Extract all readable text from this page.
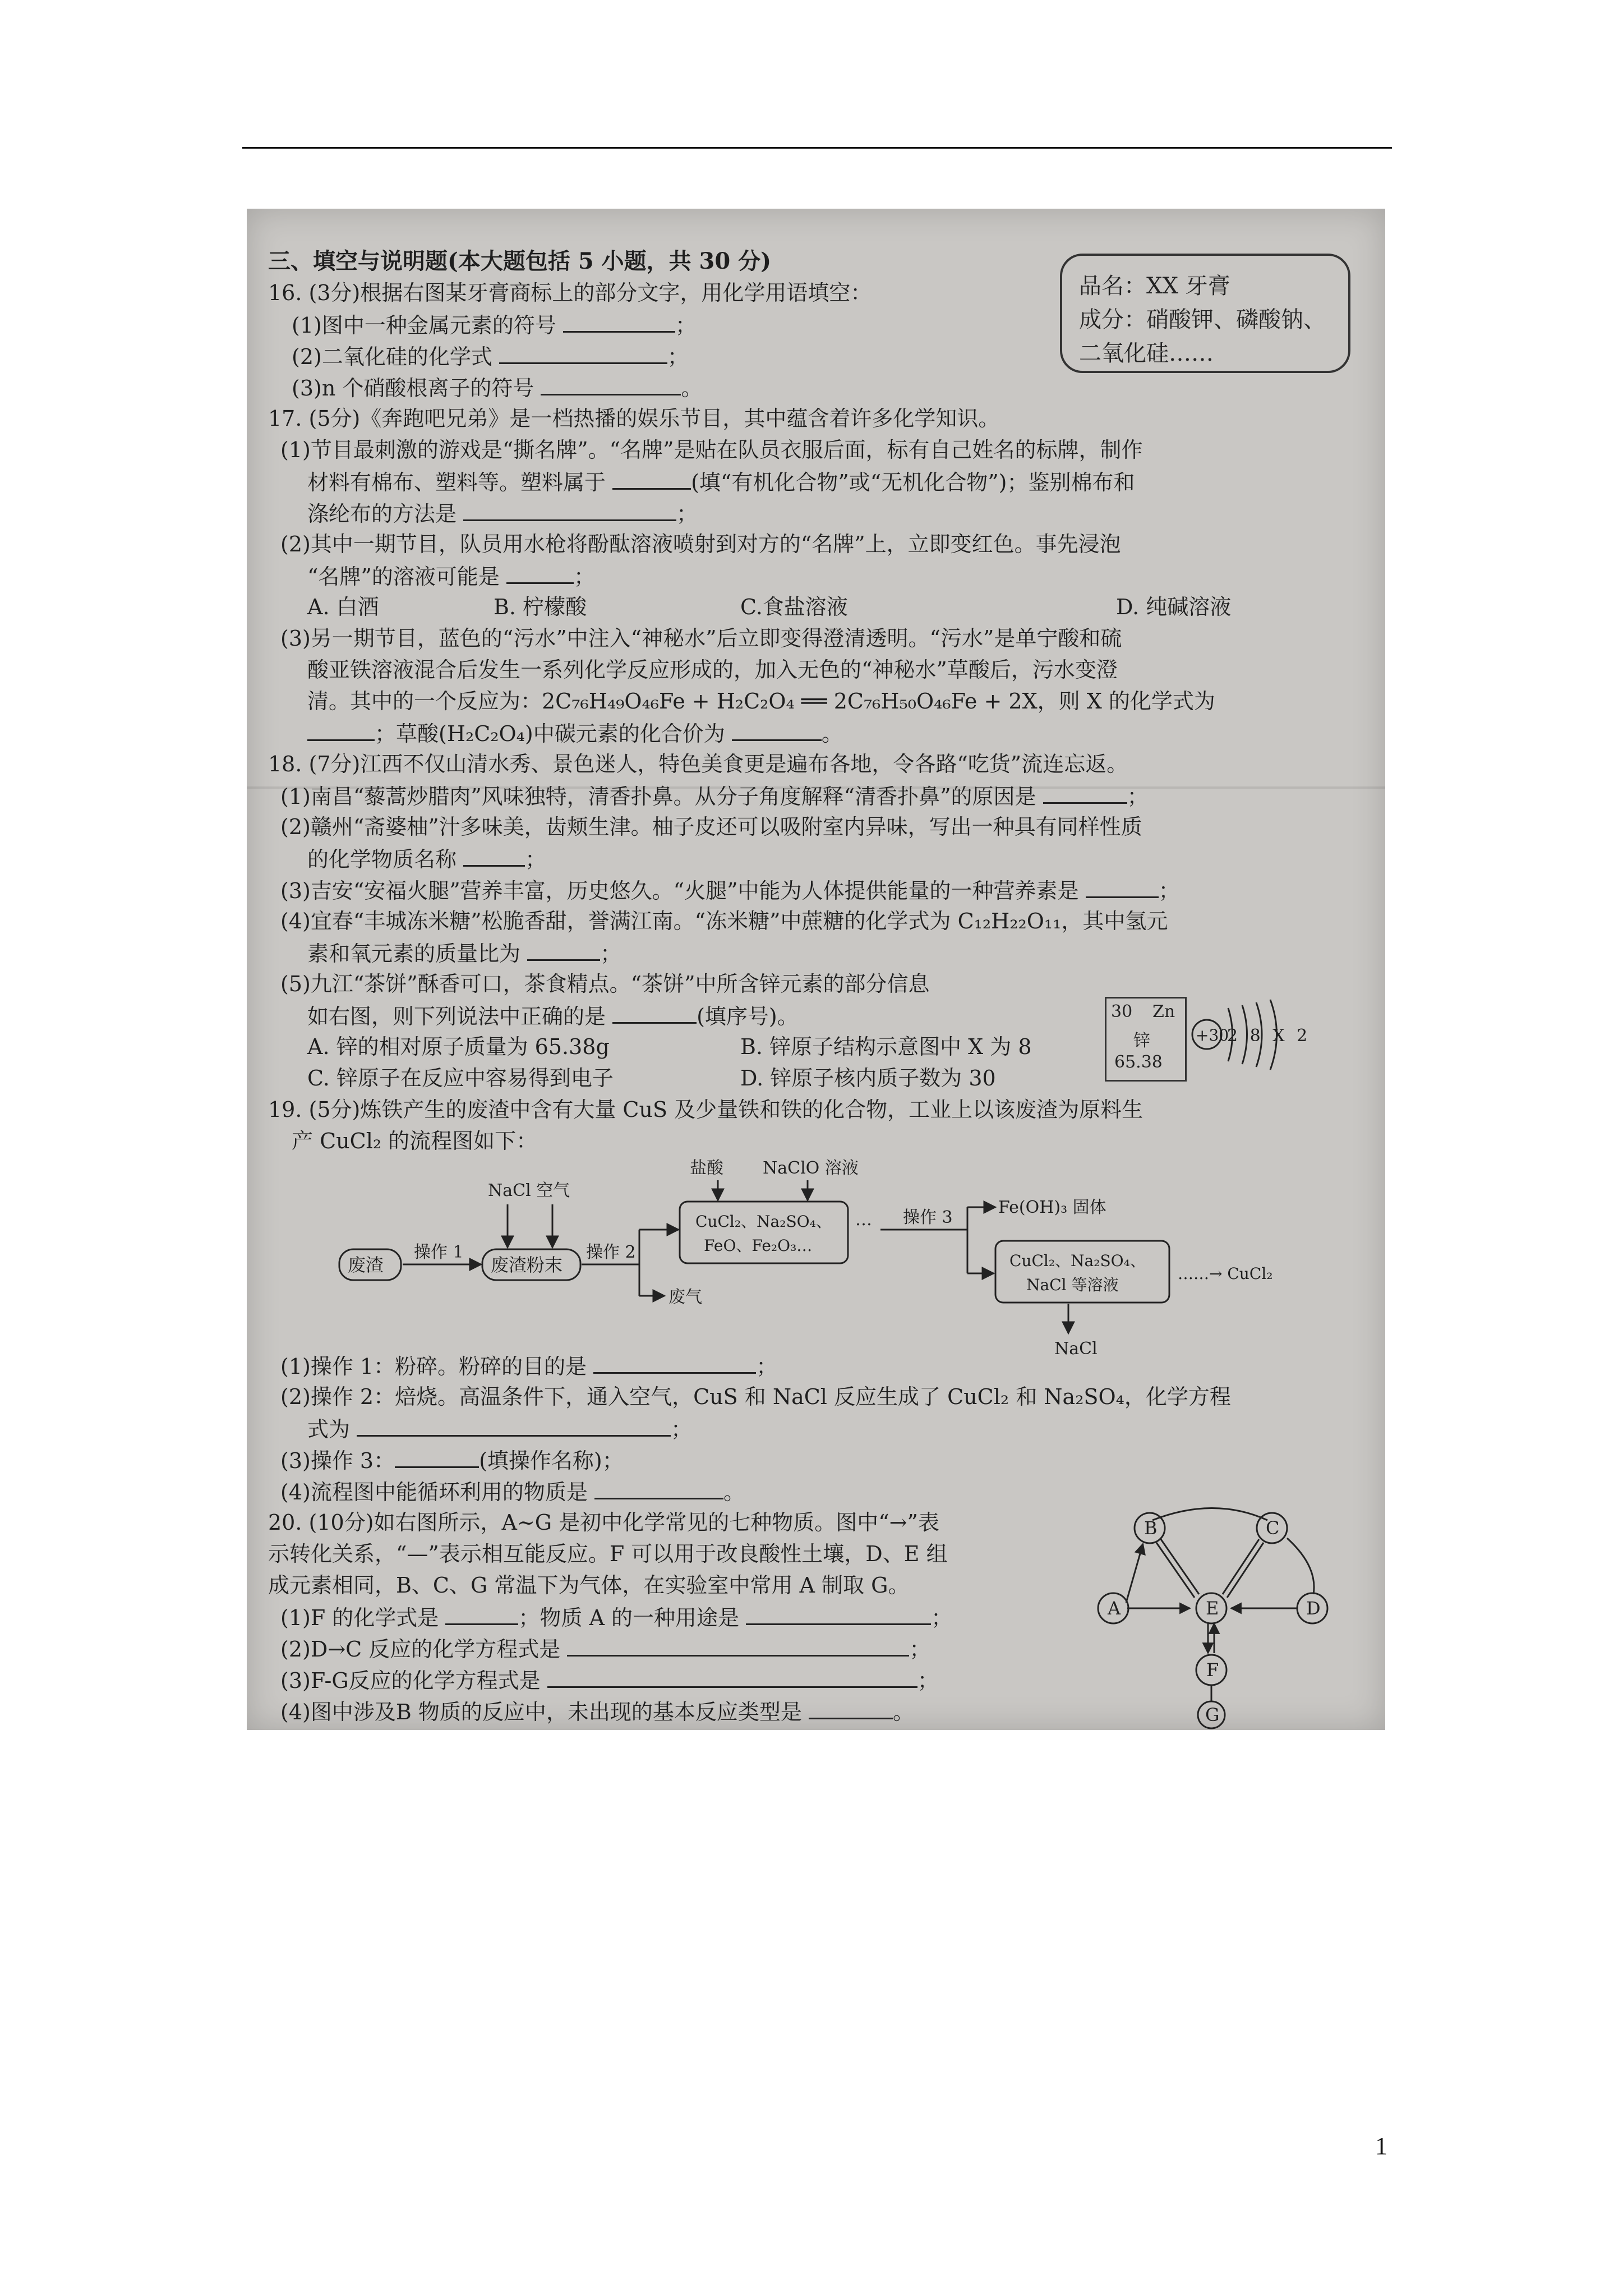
三、填空与说明题(本大题包括 5 小题，共 30 分)
品名：XX 牙膏
成分：硝酸钾、磷酸钠、
二氧化硅……
16. (3分)根据右图某牙膏商标上的部分文字，用化学用语填空：
(1)图中一种金属元素的符号	；
(2)二氧化硅的化学式	；
(3)n 个硝酸根离子的符号	。
17. (5分)《奔跑吧兄弟》是一档热播的娱乐节目，其中蕴含着许多化学知识。
(1)节目最刺激的游戏是“撕名牌”。“名牌”是贴在队员衣服后面，标有自己姓名的标牌，制作
材料有棉布、塑料等。塑料属于	(填“有机化合物”或“无机化合物”)；鉴别棉布和
涤纶布的方法是	；
(2)其中一期节目，队员用水枪将酚酞溶液喷射到对方的“名牌”上，立即变红色。事先浸泡
“名牌”的溶液可能是	；
A. 白酒	B. 柠檬酸	C.食盐溶液	D. 纯碱溶液
(3)另一期节目，蓝色的“污水”中注入“神秘水”后立即变得澄清透明。“污水”是单宁酸和硫
酸亚铁溶液混合后发生一系列化学反应形成的，加入无色的“神秘水”草酸后，污水变澄
清。其中的一个反应为：2C₇₆H₄₉O₄₆Fe + H₂C₂O₄ ══ 2C₇₆H₅₀O₄₆Fe + 2X，则 X 的化学式为
；草酸(H₂C₂O₄)中碳元素的化合价为	。
18. (7分)江西不仅山清水秀、景色迷人，特色美食更是遍布各地，令各路“吃货”流连忘返。
(1)南昌“藜蒿炒腊肉”风味独特，清香扑鼻。从分子角度解释“清香扑鼻”的原因是	；
(2)赣州“斋婆柚”汁多味美，齿颊生津。柚子皮还可以吸附室内异味，写出一种具有同样性质
的化学物质名称	；
(3)吉安“安福火腿”营养丰富，历史悠久。“火腿”中能为人体提供能量的一种营养素是	；
(4)宜春“丰城冻米糖”松脆香甜，誉满江南。“冻米糖”中蔗糖的化学式为 C₁₂H₂₂O₁₁，其中氢元
素和氧元素的质量比为	；
(5)九江“茶饼”酥香可口，茶食精点。“茶饼”中所含锌元素的部分信息
如右图，则下列说法中正确的是	(填序号)。
A. 锌的相对原子质量为 65.38g	B. 锌原子结构示意图中 X 为 8
C. 锌原子在反应中容易得到电子	D. 锌原子核内质子数为 30
30 Zn
锌
65.38
+30
2 8 X 2
19. (5分)炼铁产生的废渣中含有大量 CuS 及少量铁和铁的化合物，工业上以该废渣为原料生
产 CuCl₂ 的流程图如下：
废渣
操作 1
废渣粉末
NaCl 空气
操作 2
废气
盐酸 NaClO 溶液
CuCl₂、Na₂SO₄、
FeO、Fe₂O₃…
… 操作 3
Fe(OH)₃ 固体
CuCl₂、Na₂SO₄、
NaCl 等溶液
……→ CuCl₂
NaCl
(1)操作 1：粉碎。粉碎的目的是	；
(2)操作 2：焙烧。高温条件下，通入空气，CuS 和 NaCl 反应生成了 CuCl₂ 和 Na₂SO₄，化学方程
式为	；
(3)操作 3：	(填操作名称)；
(4)流程图中能循环利用的物质是	。
20. (10分)如右图所示，A~G 是初中化学常见的七种物质。图中“→”表
示转化关系，“—”表示相互能反应。F 可以用于改良酸性土壤，D、E 组
成元素相同，B、C、G 常温下为气体，在实验室中常用 A 制取 G。
(1)F 的化学式是	；物质 A 的一种用途是	；
(2)D→C 反应的化学方程式是	；
(3)F-G反应的化学方程式是	；
(4)图中涉及B 物质的反应中，未出现的基本反应类型是	。
A
B	C
D
E
F
G
1
